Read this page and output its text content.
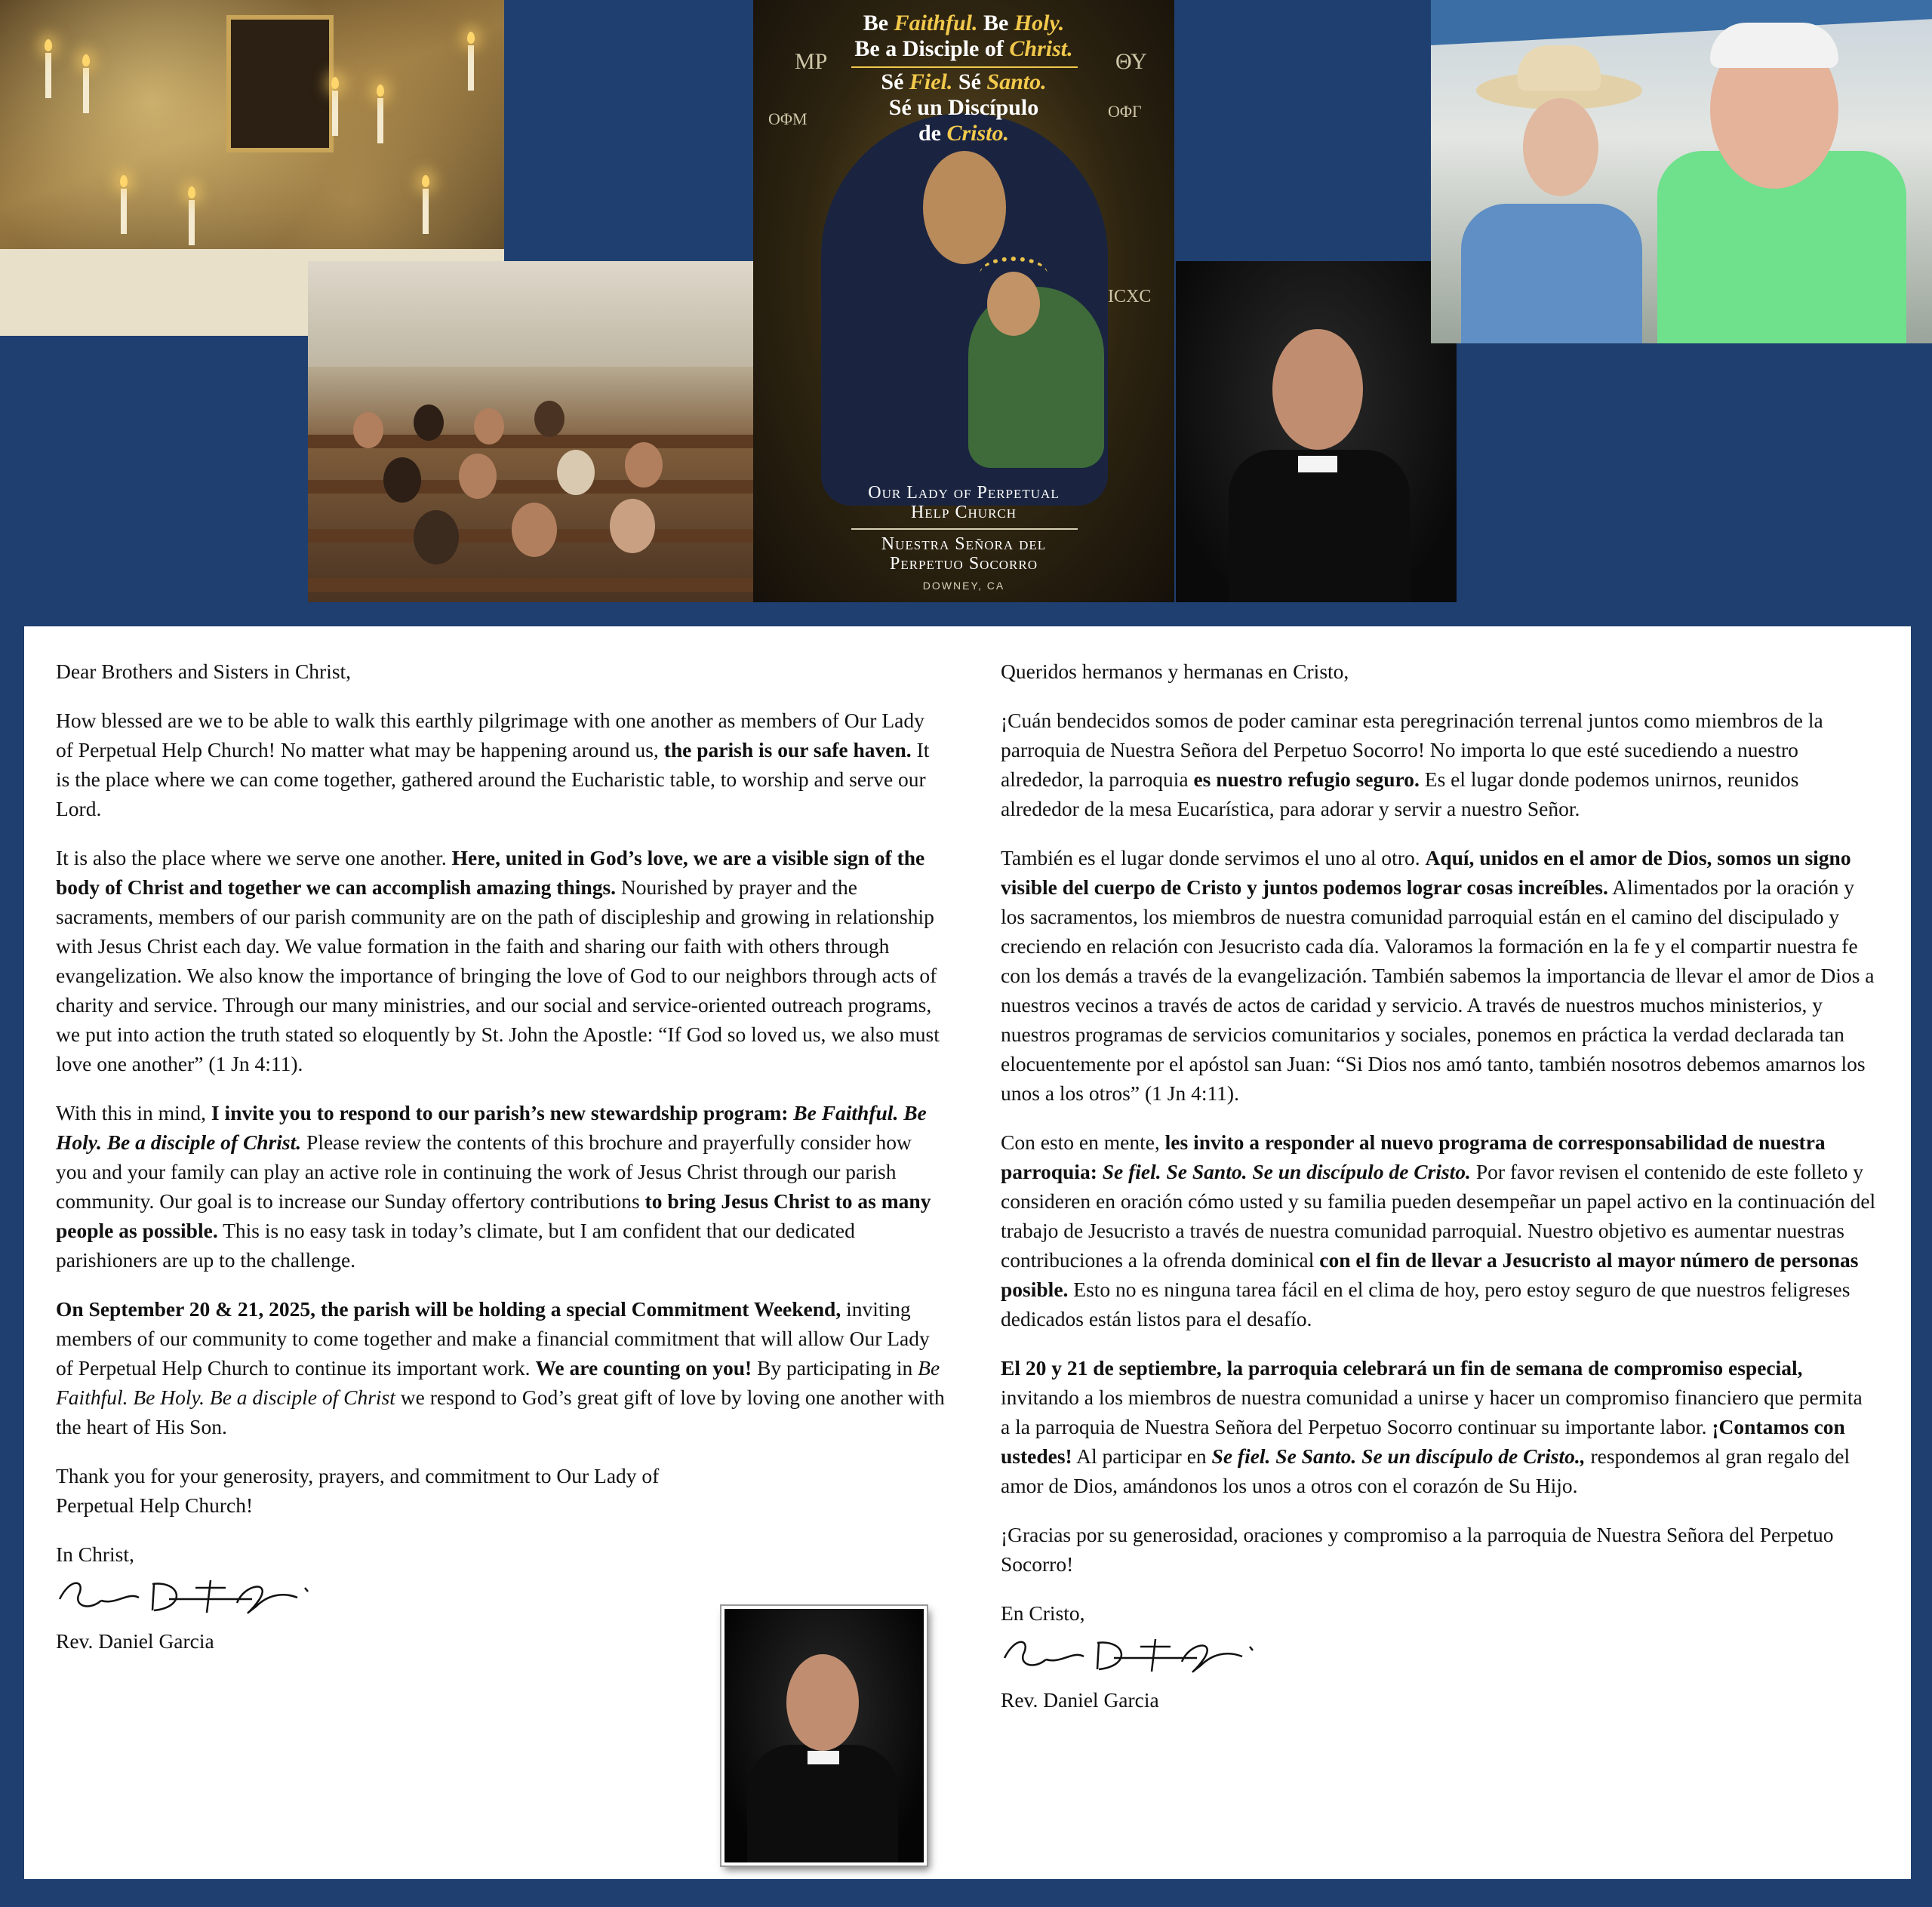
Be Faithful. Be Holy.
Be a Disciple of Christ.
Sé Fiel. Sé Santo.
Sé un Discípulo
de Cristo.
MP	ΘΥ
ΟΦΜ	ΟΦΓ
ICXC
Our Lady of Perpetual
Help Church
Nuestra Señora del
Perpetuo Socorro
DOWNEY, CA

Dear Brothers and Sisters in Christ,

How blessed are we to be able to walk this earthly pilgrimage with one another as members of Our Lady of Perpetual Help Church! No matter what may be happening around us, the parish is our safe haven. It is the place where we can come together, gathered around the Eucharistic table, to worship and serve our Lord.

It is also the place where we serve one another. Here, united in God’s love, we are a visible sign of the body of Christ and together we can accomplish amazing things. Nourished by prayer and the sacraments, members of our parish community are on the path of discipleship and growing in relationship with Jesus Christ each day. We value formation in the faith and sharing our faith with others through evangelization. We also know the importance of bringing the love of God to our neighbors through acts of charity and service. Through our many ministries, and our social and service-oriented outreach programs, we put into action the truth stated so eloquently by St. John the Apostle: “If God so loved us, we also must love one another” (1 Jn 4:11).

With this in mind, I invite you to respond to our parish’s new stewardship program: Be Faithful. Be Holy. Be a disciple of Christ. Please review the contents of this brochure and prayerfully consider how you and your family can play an active role in continuing the work of Jesus Christ through our parish community. Our goal is to increase our Sunday offertory contributions to bring Jesus Christ to as many people as possible. This is no easy task in today’s climate, but I am confident that our dedicated parishioners are up to the challenge.

On September 20 & 21, 2025, the parish will be holding a special Commitment Weekend, inviting members of our community to come together and make a financial commitment that will allow Our Lady of Perpetual Help Church to continue its important work. We are counting on you! By participating in Be Faithful. Be Holy. Be a disciple of Christ we respond to God’s great gift of love by loving one another with the heart of His Son.

Thank you for your generosity, prayers, and commitment to Our Lady of Perpetual Help Church!

In Christ,

Rev. Daniel Garcia

Queridos hermanos y hermanas en Cristo,

¡Cuán bendecidos somos de poder caminar esta peregrinación terrenal juntos como miembros de la parroquia de Nuestra Señora del Perpetuo Socorro! No importa lo que esté sucediendo a nuestro alrededor, la parroquia es nuestro refugio seguro. Es el lugar donde podemos unirnos, reunidos alrededor de la mesa Eucarística, para adorar y servir a nuestro Señor.

También es el lugar donde servimos el uno al otro. Aquí, unidos en el amor de Dios, somos un signo visible del cuerpo de Cristo y juntos podemos lograr cosas increíbles. Alimentados por la oración y los sacramentos, los miembros de nuestra comunidad parroquial están en el camino del discipulado y creciendo en relación con Jesucristo cada día. Valoramos la formación en la fe y el compartir nuestra fe con los demás a través de la evangelización. También sabemos la importancia de llevar el amor de Dios a nuestros vecinos a través de actos de caridad y servicio. A través de nuestros muchos ministerios, y nuestros programas de servicios comunitarios y sociales, ponemos en práctica la verdad declarada tan elocuentemente por el apóstol san Juan: “Si Dios nos amó tanto, también nosotros debemos amarnos los unos a los otros” (1 Jn 4:11).

Con esto en mente, les invito a responder al nuevo programa de corresponsabilidad de nuestra parroquia: Se fiel. Se Santo. Se un discípulo de Cristo. Por favor revisen el contenido de este folleto y consideren en oración cómo usted y su familia pueden desempeñar un papel activo en la continuación del trabajo de Jesucristo a través de nuestra comunidad parroquial. Nuestro objetivo es aumentar nuestras contribuciones a la ofrenda dominical con el fin de llevar a Jesucristo al mayor número de personas posible. Esto no es ninguna tarea fácil en el clima de hoy, pero estoy seguro de que nuestros feligreses dedicados están listos para el desafío.

El 20 y 21 de septiembre, la parroquia celebrará un fin de semana de compromiso especial, invitando a los miembros de nuestra comunidad a unirse y hacer un compromiso financiero que permita a la parroquia de Nuestra Señora del Perpetuo Socorro continuar su importante labor. ¡Contamos con ustedes! Al participar en Se fiel. Se Santo. Se un discípulo de Cristo., respondemos al gran regalo del amor de Dios, amándonos los unos a otros con el corazón de Su Hijo.

¡Gracias por su generosidad, oraciones y compromiso a la parroquia de Nuestra Señora del Perpetuo Socorro!

En Cristo,

Rev. Daniel Garcia
